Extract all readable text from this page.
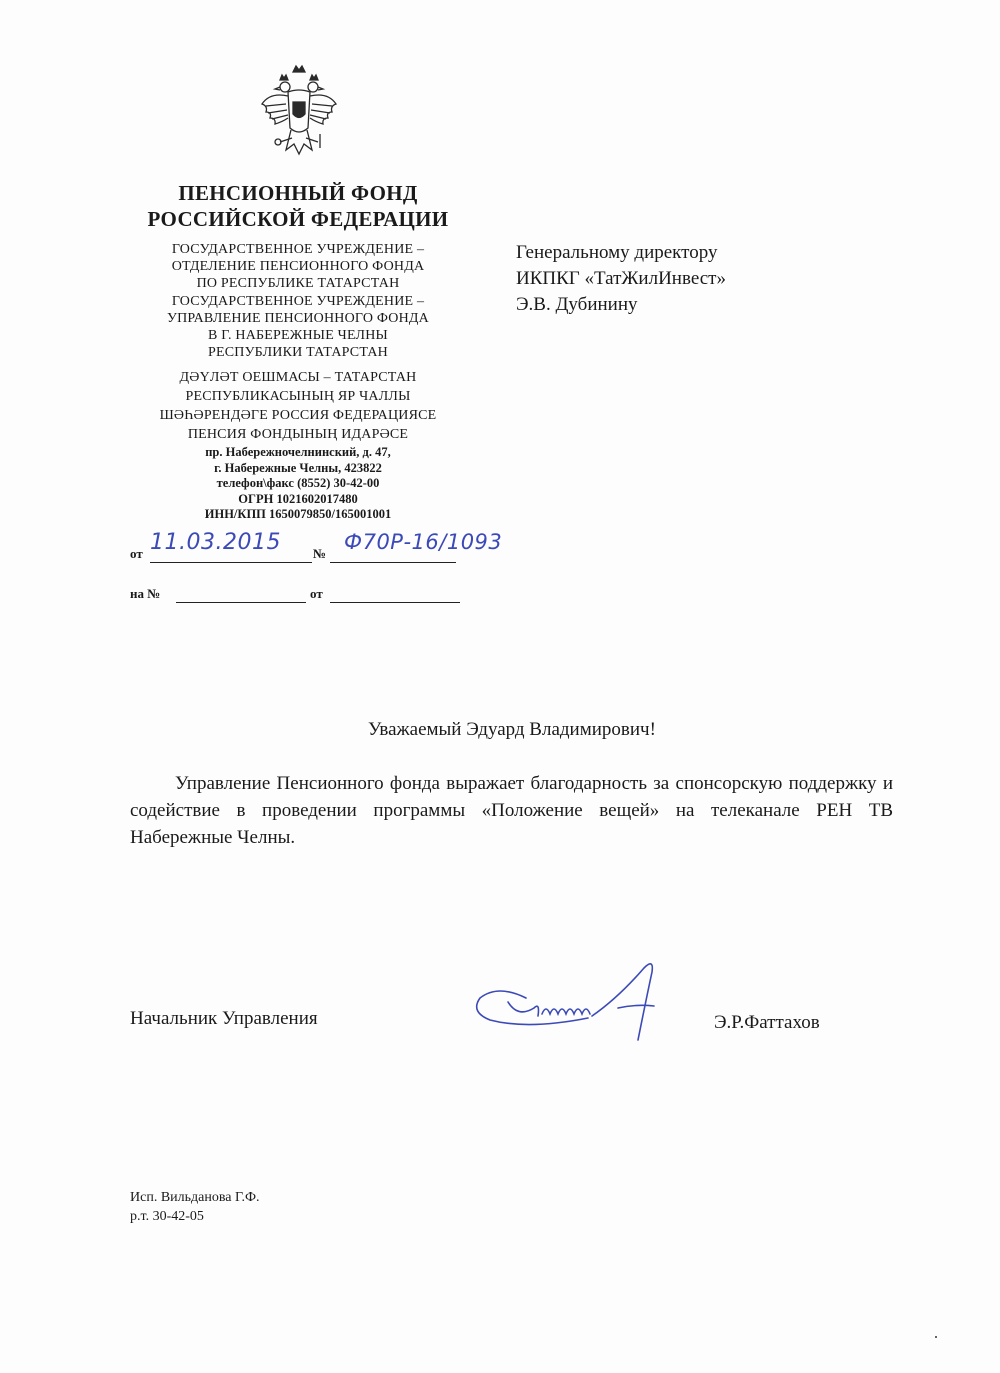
ПЕНСИОННЫЙ ФОНД
РОССИЙСКОЙ ФЕДЕРАЦИИ
ГОСУДАРСТВЕННОЕ УЧРЕЖДЕНИЕ –
ОТДЕЛЕНИЕ ПЕНСИОННОГО ФОНДА
ПО РЕСПУБЛИКЕ ТАТАРСТАН
ГОСУДАРСТВЕННОЕ УЧРЕЖДЕНИЕ –
УПРАВЛЕНИЕ ПЕНСИОННОГО ФОНДА
В Г. НАБЕРЕЖНЫЕ ЧЕЛНЫ
РЕСПУБЛИКИ ТАТАРСТАН
ДӘҮЛӘТ ОЕШМАСЫ – ТАТАРСТАН
РЕСПУБЛИКАСЫНЫҢ ЯР ЧАЛЛЫ
ШӘҺӘРЕНДӘГЕ РОССИЯ ФЕДЕРАЦИЯСЕ
ПЕНСИЯ ФОНДЫНЫҢ ИДАРӘСЕ
пр. Набережночелнинский, д. 47,
г. Набережные Челны, 423822
телефон\факс (8552) 30-42-00
ОГРН 1021602017480
ИНН/КПП 1650079850/165001001
от 11.03.2015 № Ф70Р-16/1093
на №	от
Генеральному директору
ИКПКГ «ТатЖилИнвест»
Э.В. Дубинину
Уважаемый Эдуард Владимирович!
Управление Пенсионного фонда выражает благодарность за спонсорскую поддержку и содействие в проведении программы «Положение вещей» на телеканале РЕН ТВ Набережные Челны.
Начальник Управления	Э.Р.Фаттахов
Исп. Вильданова Г.Ф.
р.т. 30-42-05
